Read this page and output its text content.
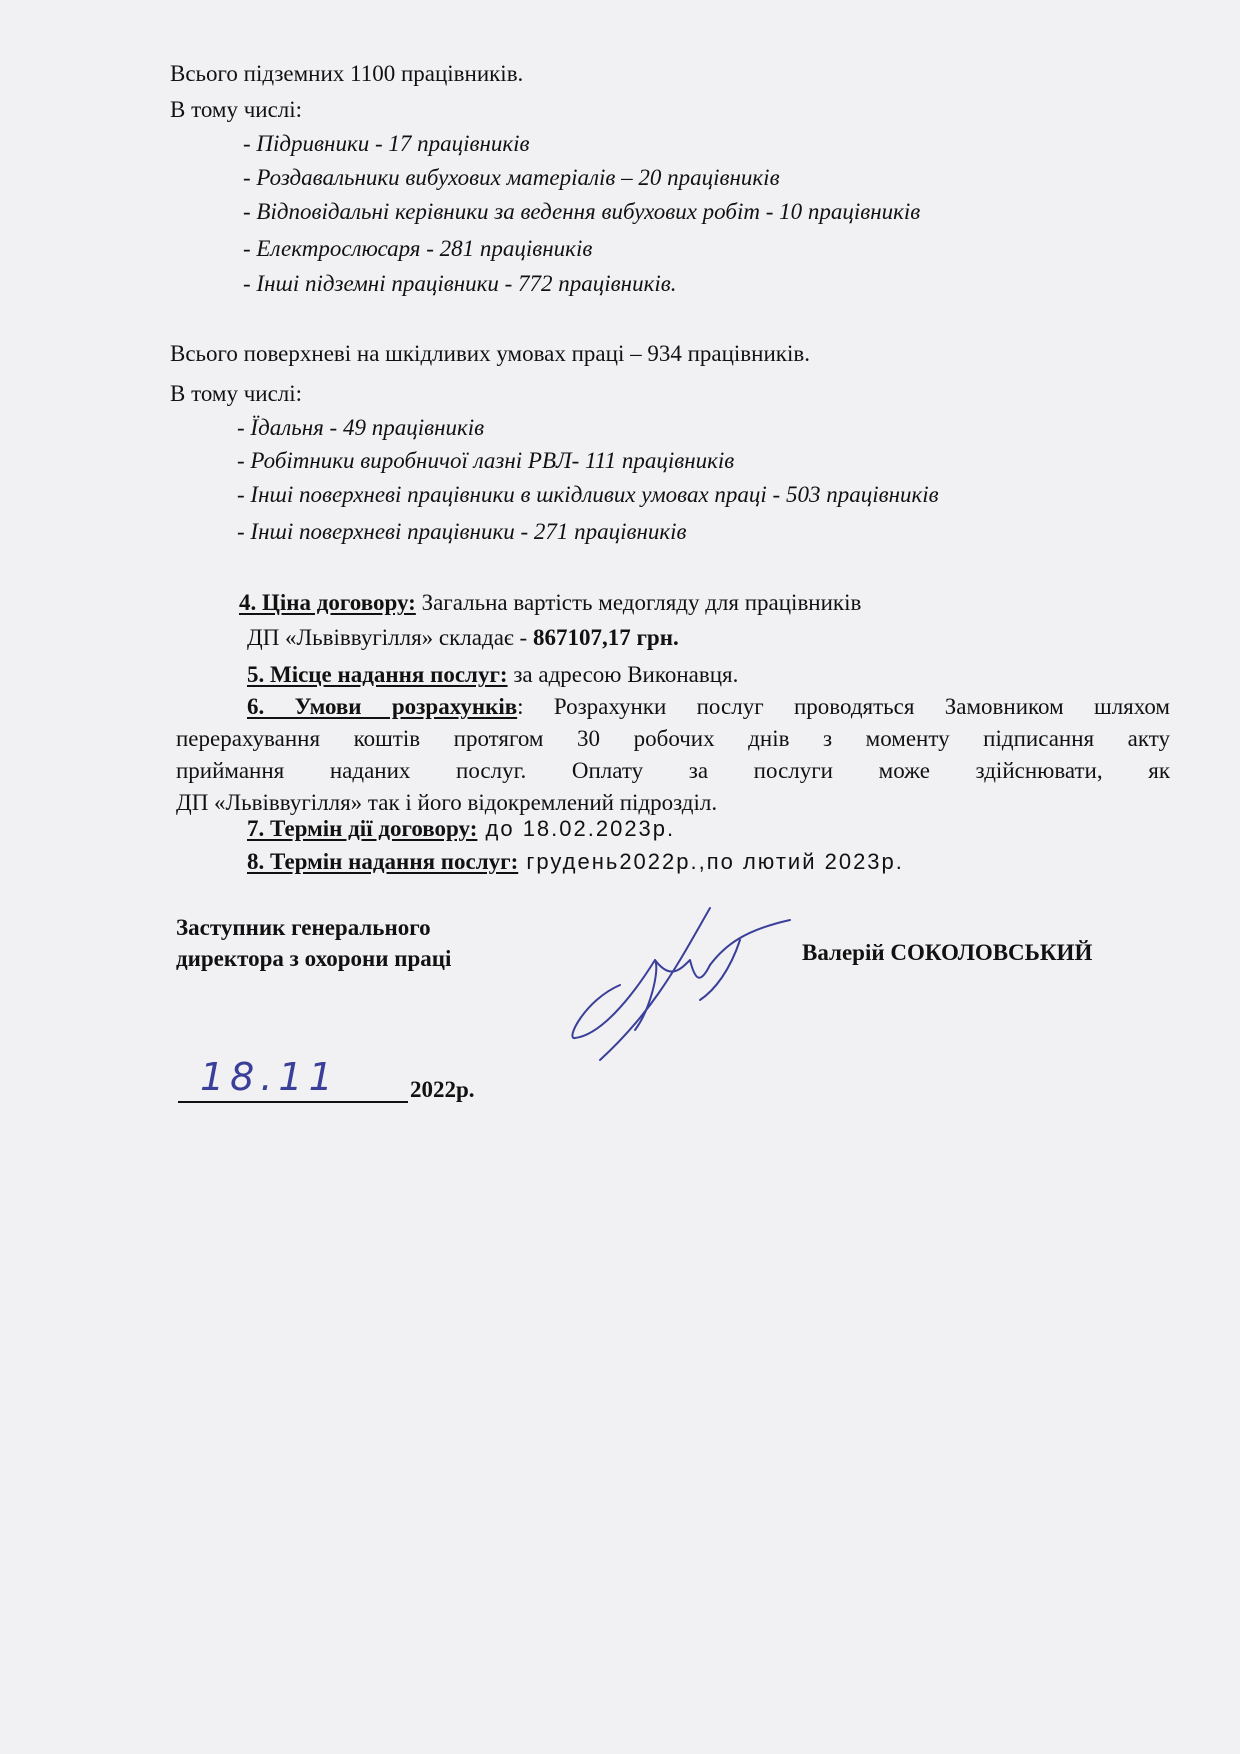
Всього підземних 1100 працівників.
В тому числі:
- Підривники - 17 працівників
- Роздавальники вибухових матеріалів – 20 працівників
- Відповідальні керівники за ведення вибухових робіт - 10 працівників
- Електрослюсаря - 281 працівників
- Інші підземні працівники - 772 працівників.
Всього поверхневі на шкідливих умовах праці – 934 працівників.
В тому числі:
- Їдальня - 49 працівників
- Робітники виробничої лазні РВЛ- 111 працівників
- Інші поверхневі працівники в шкідливих умовах праці - 503 працівників
- Інші поверхневі працівники - 271 працівників
4. Ціна договору: Загальна вартість медогляду для працівників
ДП «Львіввугілля» складає - 867107,17 грн.
5. Місце надання послуг: за адресою Виконавця.
6. Умови розрахунків: Розрахунки послуг проводяться Замовником шляхом
перерахування коштів протягом 30 робочих днів з моменту підписання акту
приймання наданих послуг. Оплату за послуги може здійснювати, як
ДП «Львіввугілля» так і його відокремлений підрозділ.
7. Термін дії договору: до 18.02.2023р.
8. Термін надання послуг: грудень2022р.,по лютий 2023р.
Заступник генерального
директора з охорони праці	Валерій СОКОЛОВСЬКИЙ
18.11	2022р.
